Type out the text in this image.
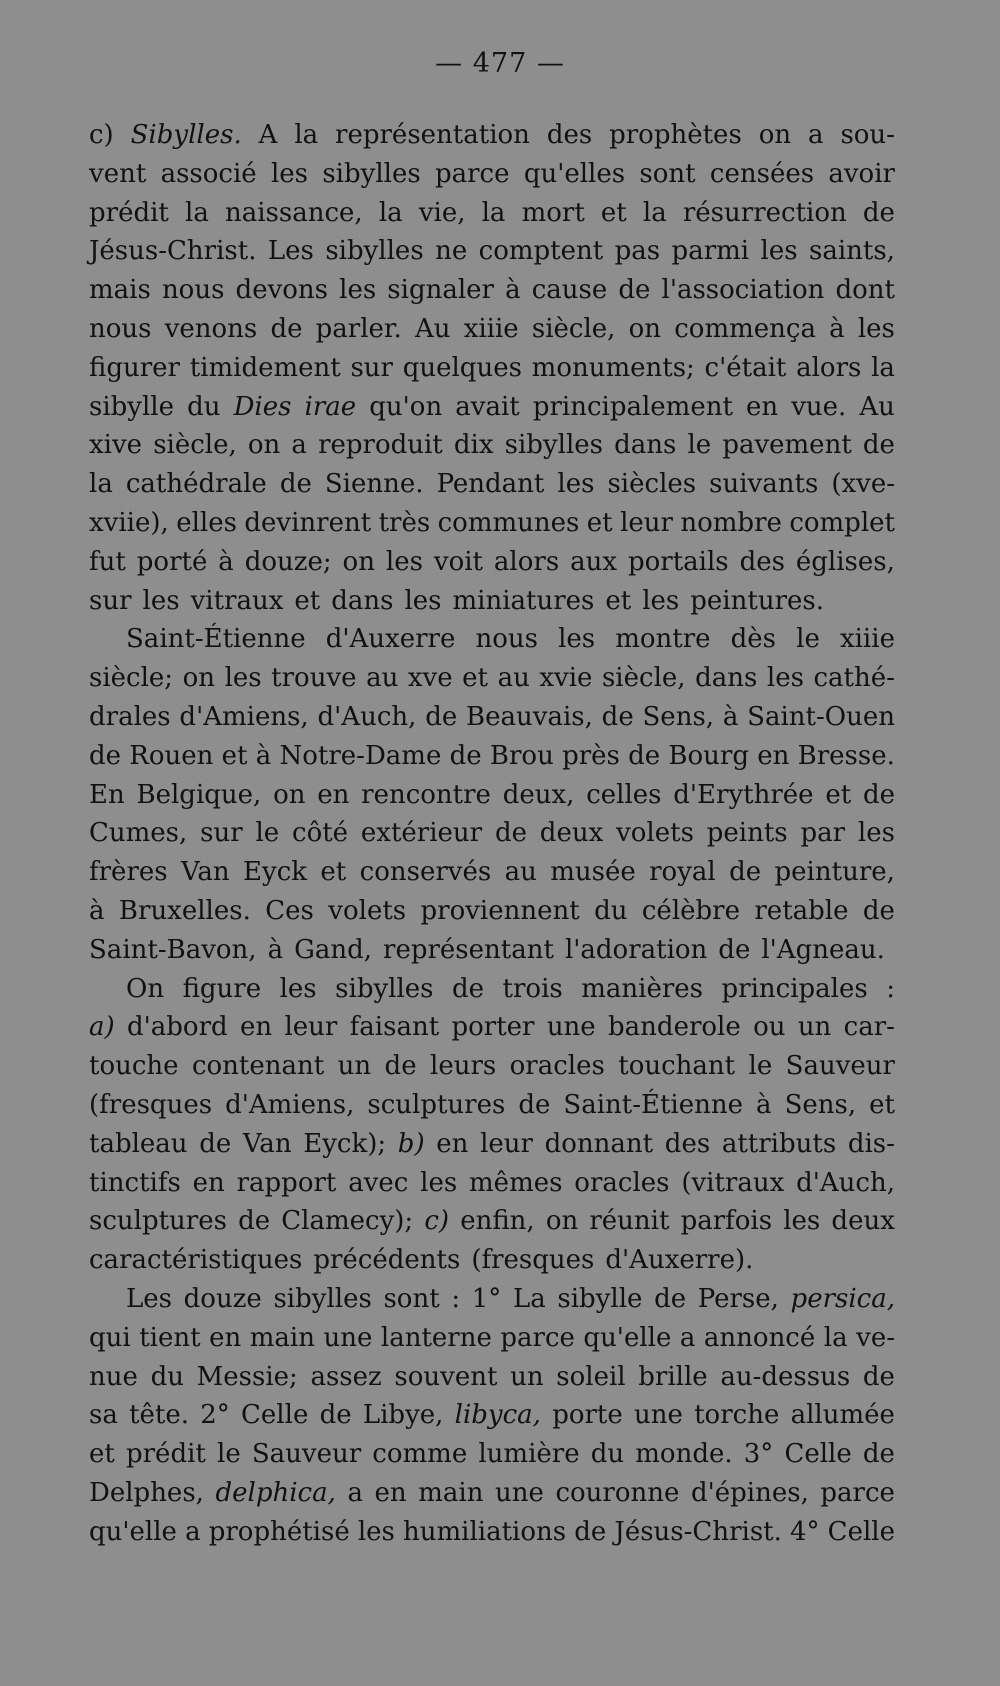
— 477 —
c) Sibylles. A la représentation des prophètes on a sou-
vent associé les sibylles parce qu'elles sont censées avoir
prédit la naissance, la vie, la mort et la résurrection de
Jésus-Christ. Les sibylles ne comptent pas parmi les saints,
mais nous devons les signaler à cause de l'association dont
nous venons de parler. Au xiiie siècle, on commença à les
figurer timidement sur quelques monuments; c'était alors la
sibylle du Dies irae qu'on avait principalement en vue. Au
xive siècle, on a reproduit dix sibylles dans le pavement de
la cathédrale de Sienne. Pendant les siècles suivants (xve-
xviie), elles devinrent très communes et leur nombre complet
fut porté à douze; on les voit alors aux portails des églises,
sur les vitraux et dans les miniatures et les peintures.
Saint-Étienne d'Auxerre nous les montre dès le xiiie
siècle; on les trouve au xve et au xvie siècle, dans les cathé-
drales d'Amiens, d'Auch, de Beauvais, de Sens, à Saint-Ouen
de Rouen et à Notre-Dame de Brou près de Bourg en Bresse.
En Belgique, on en rencontre deux, celles d'Erythrée et de
Cumes, sur le côté extérieur de deux volets peints par les
frères Van Eyck et conservés au musée royal de peinture,
à Bruxelles. Ces volets proviennent du célèbre retable de
Saint-Bavon, à Gand, représentant l'adoration de l'Agneau.
On figure les sibylles de trois manières principales :
a) d'abord en leur faisant porter une banderole ou un car-
touche contenant un de leurs oracles touchant le Sauveur
(fresques d'Amiens, sculptures de Saint-Étienne à Sens, et
tableau de Van Eyck); b) en leur donnant des attributs dis-
tinctifs en rapport avec les mêmes oracles (vitraux d'Auch,
sculptures de Clamecy); c) enfin, on réunit parfois les deux
caractéristiques précédents (fresques d'Auxerre).
Les douze sibylles sont : 1° La sibylle de Perse, persica,
qui tient en main une lanterne parce qu'elle a annoncé la ve-
nue du Messie; assez souvent un soleil brille au-dessus de
sa tête. 2° Celle de Libye, libyca, porte une torche allumée
et prédit le Sauveur comme lumière du monde. 3° Celle de
Delphes, delphica, a en main une couronne d'épines, parce
qu'elle a prophétisé les humiliations de Jésus-Christ. 4° Celle
